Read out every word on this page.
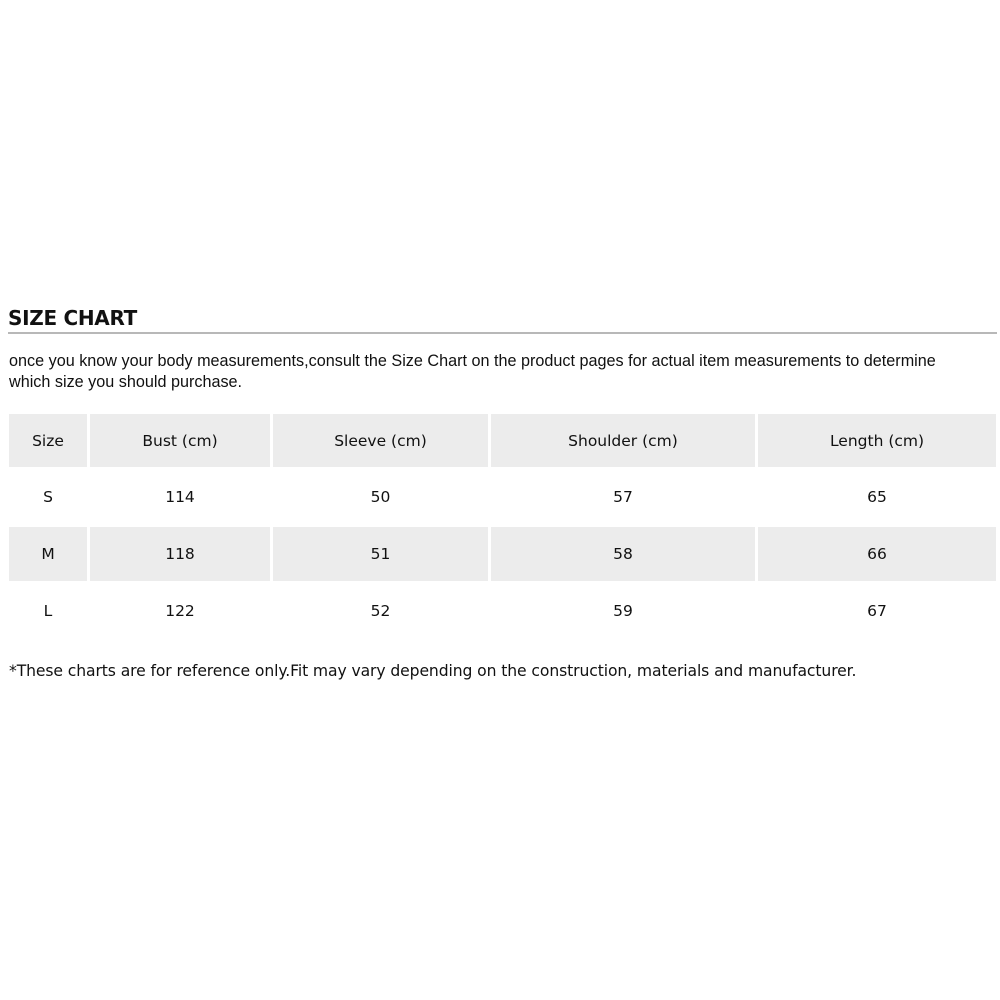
SIZE CHART

once you know your body measurements,consult the Size Chart on the product pages for actual item measurements to determine
which size you should purchase.

Size	Bust (cm)	Sleeve (cm)	Shoulder (cm)	Length (cm)
S	114	50	57	65
M	118	51	58	66
L	122	52	59	67

*These charts are for reference only.Fit may vary depending on the construction, materials and manufacturer.
